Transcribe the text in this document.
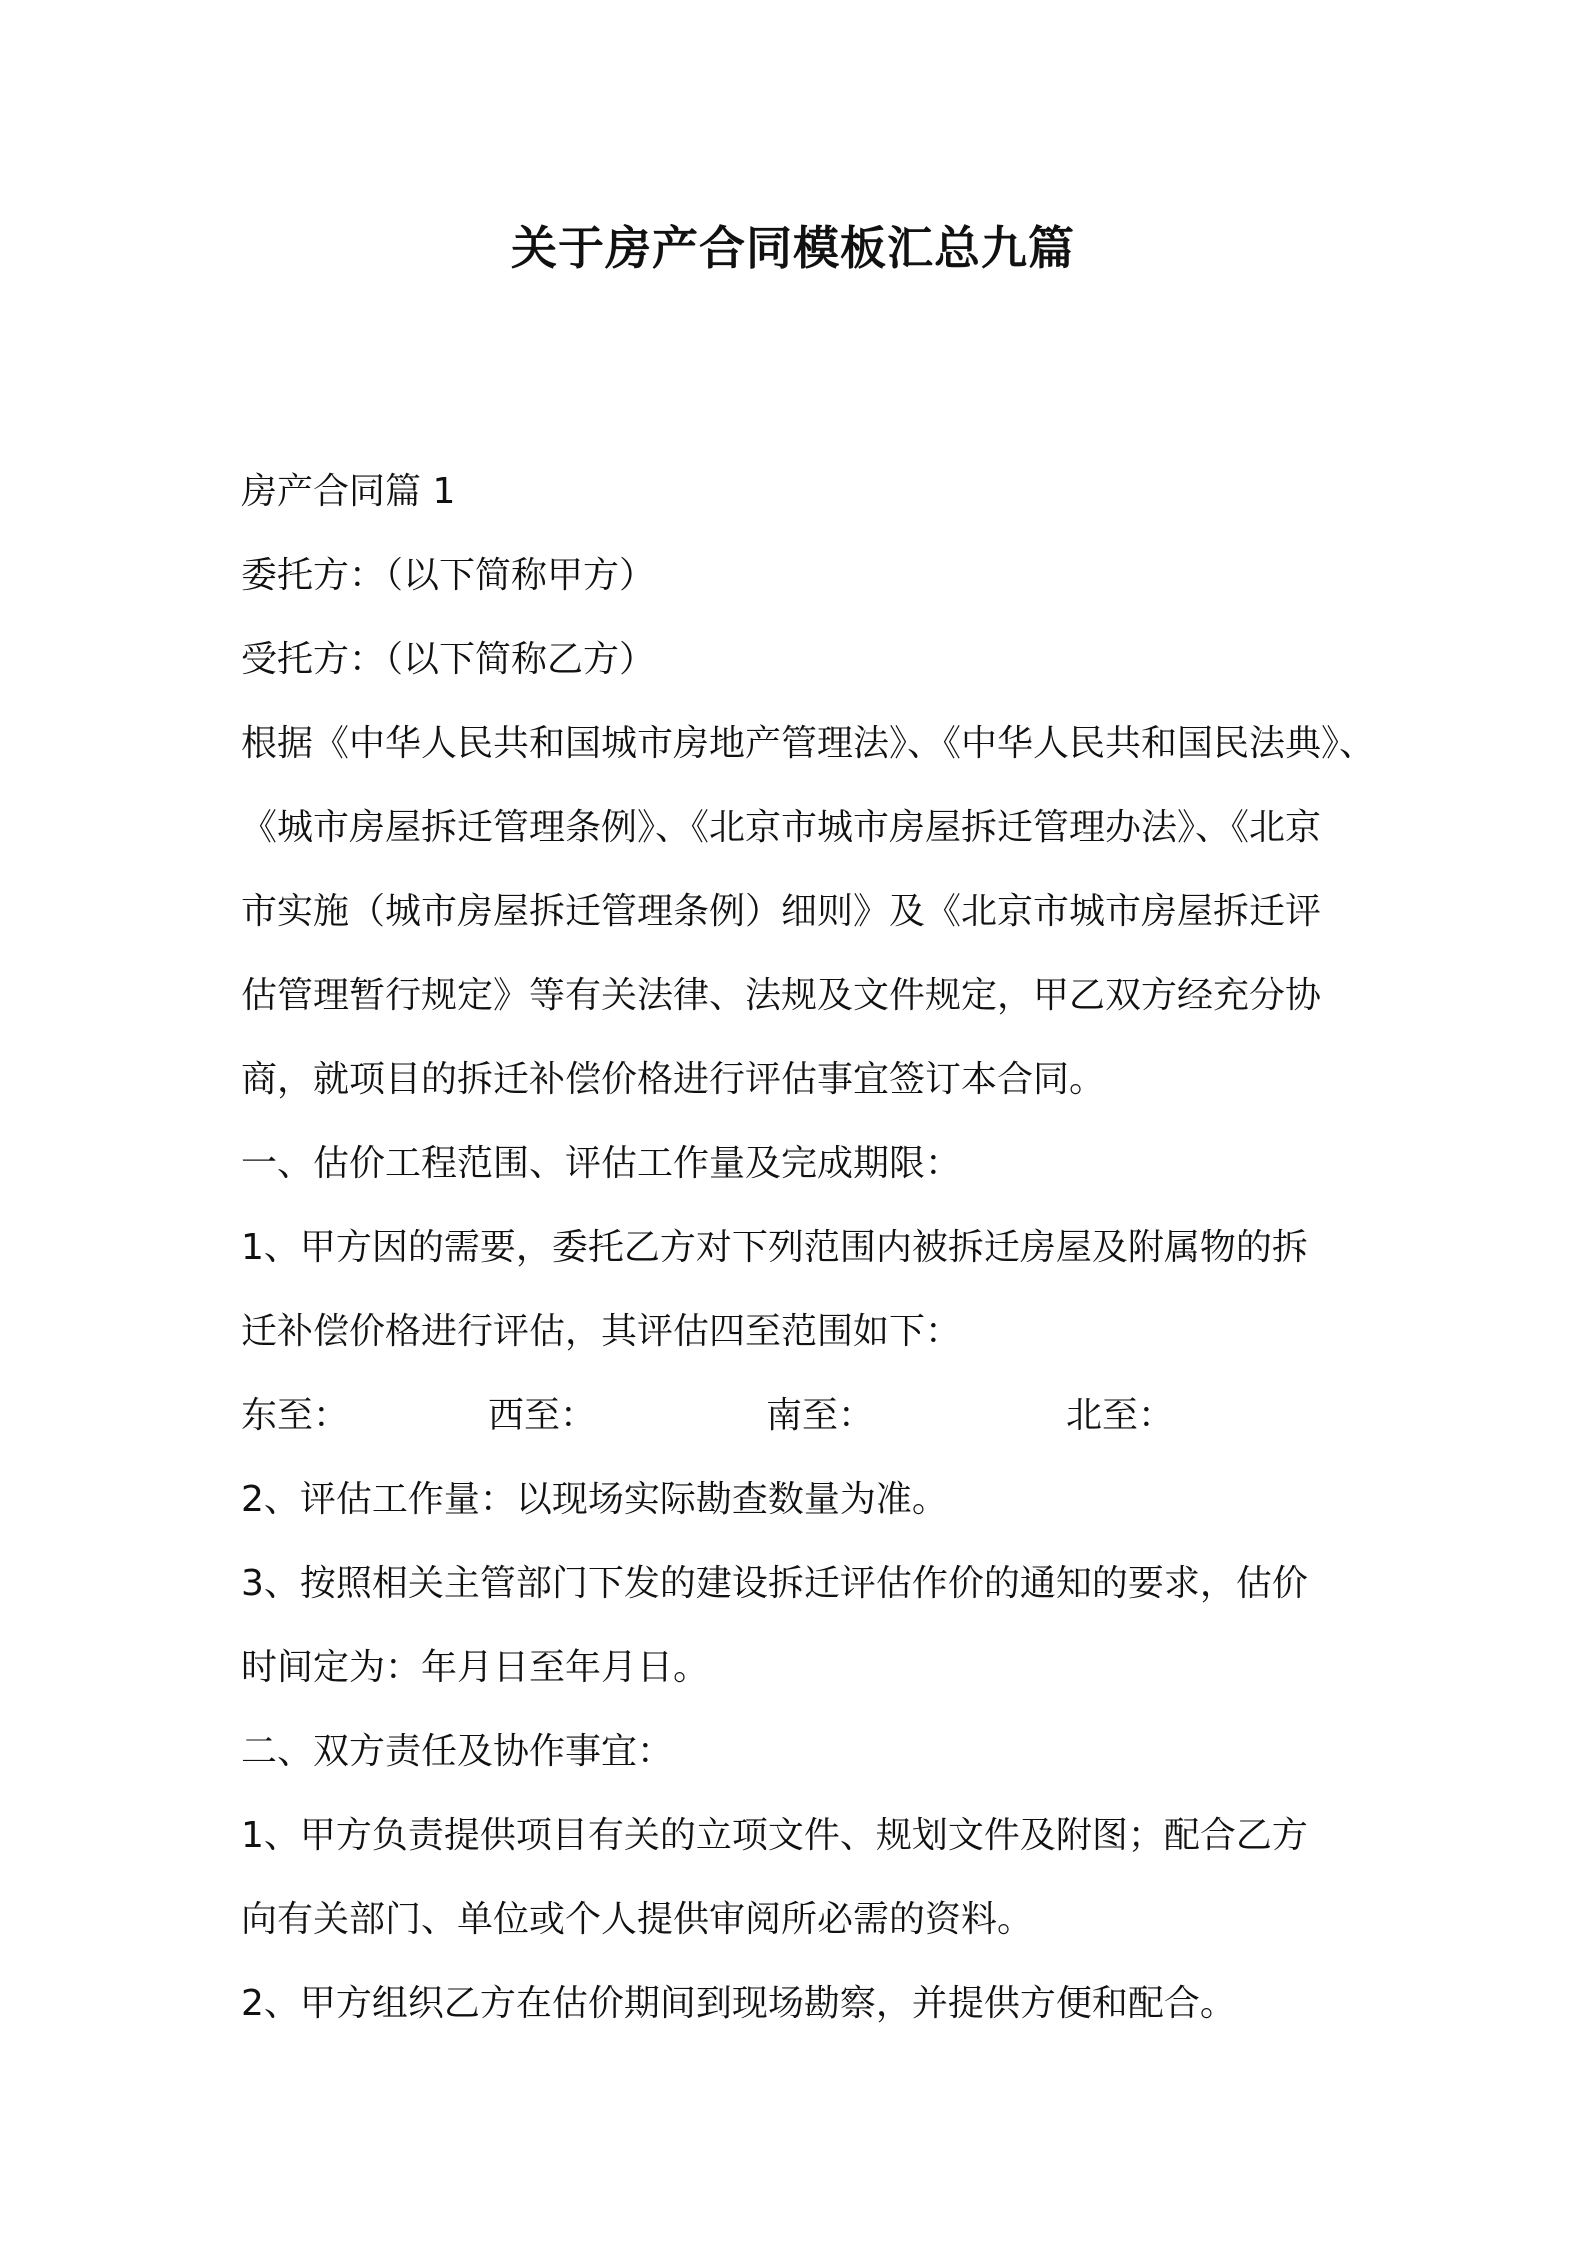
关于房产合同模板汇总九篇
房产合同篇 1
委托方：（以下简称甲方）
受托方：（以下简称乙方）
根据《中华人民共和国城市房地产管理法》、《中华人民共和国民法典》、
《城市房屋拆迁管理条例》、《北京市城市房屋拆迁管理办法》、《北京
市实施（城市房屋拆迁管理条例）细则》及《北京市城市房屋拆迁评
估管理暂行规定》等有关法律、法规及文件规定，甲乙双方经充分协
商，就项目的拆迁补偿价格进行评估事宜签订本合同。
一、估价工程范围、评估工作量及完成期限：
1、甲方因的需要，委托乙方对下列范围内被拆迁房屋及附属物的拆
迁补偿价格进行评估，其评估四至范围如下：
东至：	西至：	南至：	北至：
2、评估工作量：以现场实际勘查数量为准。
3、按照相关主管部门下发的建设拆迁评估作价的通知的要求，估价
时间定为：年月日至年月日。
二、双方责任及协作事宜：
1、甲方负责提供项目有关的立项文件、规划文件及附图；配合乙方
向有关部门、单位或个人提供审阅所必需的资料。
2、甲方组织乙方在估价期间到现场勘察，并提供方便和配合。
